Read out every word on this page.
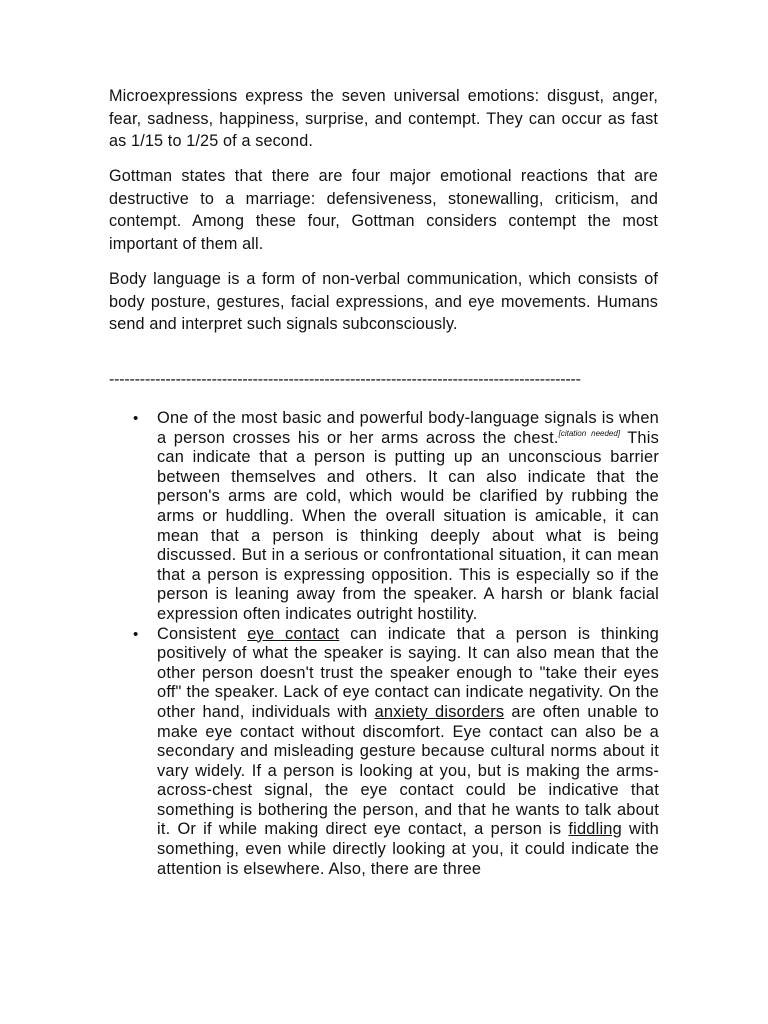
Microexpressions express the seven universal emotions: disgust, anger, fear, sadness, happiness, surprise, and contempt. They can occur as fast as 1/15 to 1/25 of a second.

Gottman states that there are four major emotional reactions that are destructive to a marriage: defensiveness, stonewalling, criticism, and contempt. Among these four, Gottman considers contempt the most important of them all.

Body language is a form of non-verbal communication, which consists of body posture, gestures, facial expressions, and eye movements. Humans send and interpret such signals subconsciously.

--------------------------------------------------------------------------------------------
• One of the most basic and powerful body-language signals is when a person crosses his or her arms across the chest.[citation needed] This can indicate that a person is putting up an unconscious barrier between themselves and others. It can also indicate that the person's arms are cold, which would be clarified by rubbing the arms or huddling. When the overall situation is amicable, it can mean that a person is thinking deeply about what is being discussed. But in a serious or confrontational situation, it can mean that a person is expressing opposition. This is especially so if the person is leaning away from the speaker. A harsh or blank facial expression often indicates outright hostility.
• Consistent eye contact can indicate that a person is thinking positively of what the speaker is saying. It can also mean that the other person doesn't trust the speaker enough to "take their eyes off" the speaker. Lack of eye contact can indicate negativity. On the other hand, individuals with anxiety disorders are often unable to make eye contact without discomfort. Eye contact can also be a secondary and misleading gesture because cultural norms about it vary widely. If a person is looking at you, but is making the arms-across-chest signal, the eye contact could be indicative that something is bothering the person, and that he wants to talk about it. Or if while making direct eye contact, a person is fiddling with something, even while directly looking at you, it could indicate the attention is elsewhere. Also, there are three
